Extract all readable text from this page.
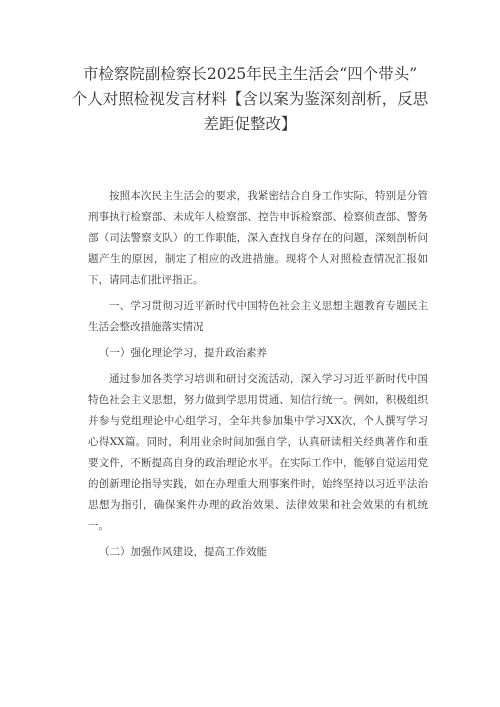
市检察院副检察长2025年民主生活会“四个带头”
个人对照检视发言材料【含以案为鉴深刻剖析，反思
差距促整改】

按照本次民主生活会的要求，我紧密结合自身工作实际，特别是分管刑事执行检察部、未成年人检察部、控告申诉检察部、检察侦查部、警务部（司法警察支队）的工作职能，深入查找自身存在的问题，深刻剖析问题产生的原因，制定了相应的改进措施。现将个人对照检查情况汇报如下，请同志们批评指正。

一、学习贯彻习近平新时代中国特色社会主义思想主题教育专题民主生活会整改措施落实情况

（一）强化理论学习，提升政治素养

通过参加各类学习培训和研讨交流活动，深入学习习近平新时代中国特色社会主义思想，努力做到学思用贯通、知信行统一。例如，积极组织并参与党组理论中心组学习，全年共参加集中学习XX次，个人撰写学习心得XX篇。同时，利用业余时间加强自学，认真研读相关经典著作和重要文件，不断提高自身的政治理论水平。在实际工作中，能够自觉运用党的创新理论指导实践，如在办理重大刑事案件时，始终坚持以习近平法治思想为指引，确保案件办理的政治效果、法律效果和社会效果的有机统一。

（二）加强作风建设，提高工作效能
